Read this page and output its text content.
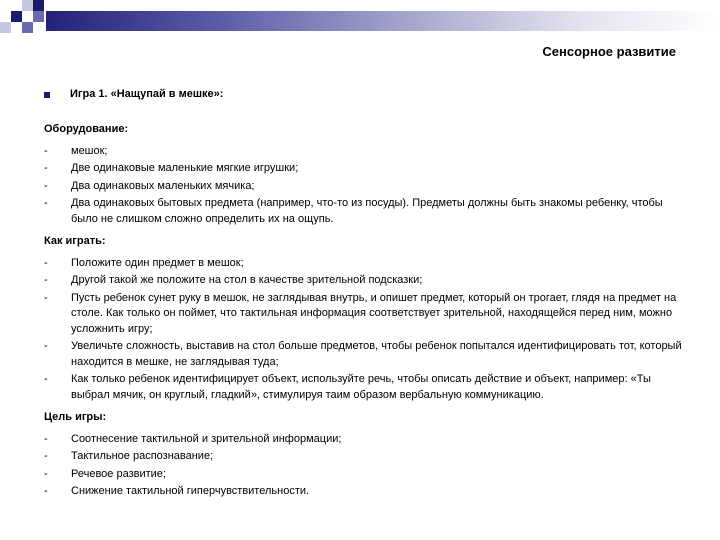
Сенсорное развитие
Игра 1. «Нащупай в мешке»:
Оборудование:
- мешок;
- Две одинаковые маленькие мягкие игрушки;
- Два одинаковых маленьких мячика;
- Два одинаковых бытовых предмета (например, что-то из посуды). Предметы должны быть знакомы ребенку, чтобы было не слишком сложно определить их на ощупь.
Как играть:
- Положите один предмет в мешок;
- Другой такой же положите на стол в качестве зрительной подсказки;
- Пусть ребенок сунет руку в мешок, не заглядывая внутрь, и опишет предмет, который он трогает, глядя на предмет на столе. Как только он поймет, что тактильная информация соответствует зрительной, находящейся перед ним, можно усложнить игру;
- Увеличьте сложность, выставив на стол больше предметов, чтобы ребенок попытался идентифицировать тот, который находится в мешке, не заглядывая туда;
- Как только ребенок идентифицирует объект, используйте речь, чтобы описать действие и объект, например: «Ты выбрал мячик, он круглый, гладкий», стимулируя таим образом вербальную коммуникацию.
Цель игры:
- Соотнесение тактильной и зрительной информации;
- Тактильное распознавание;
- Речевое развитие;
- Снижение тактильной гиперчувствительности.
